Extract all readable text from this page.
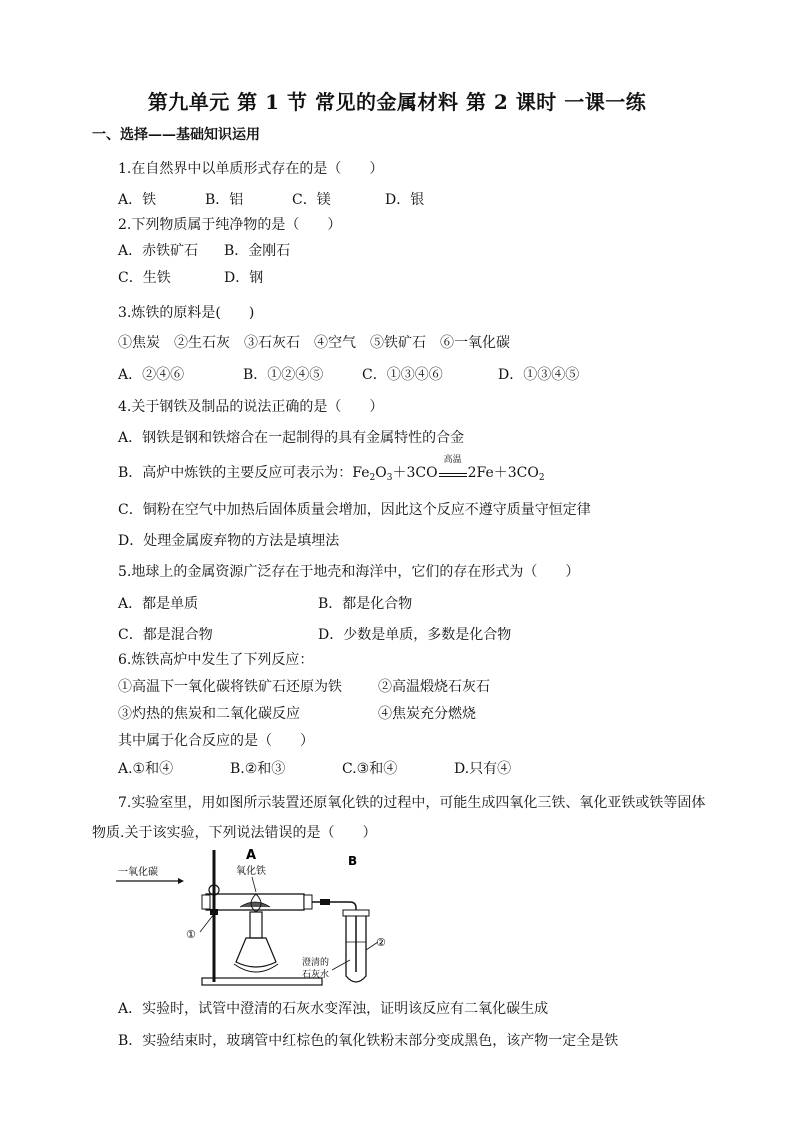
第九单元 第 1 节 常见的金属材料 第 2 课时 一课一练
一、选择——基础知识运用
1.在自然界中以单质形式存在的是（　　）
A．铁	B．铝	C．镁	D．银
2.下列物质属于纯净物的是（　　）
A．赤铁矿石 B．金刚石
C．生铁	D．钢
3.炼铁的原料是(　　)
①焦炭　②生石灰　③石灰石　④空气　⑤铁矿石　⑥一氧化碳
A．②④⑥	B．①②④⑤	C．①③④⑥	D．①③④⑤
4.关于钢铁及制品的说法正确的是（　　）
A．钢铁是钢和铁熔合在一起制得的具有金属特性的合金
B．高炉中炼铁的主要反应可表示为：$Fe_2O_3+3CO$
高温
$2Fe+3CO_2$
C．铜粉在空气中加热后固体质量会增加，因此这个反应不遵守质量守恒定律
D．处理金属废弃物的方法是填埋法
5.地球上的金属资源广泛存在于地壳和海洋中，它们的存在形式为（　　）
A．都是单质	B．都是化合物
C．都是混合物	D．少数是单质，多数是化合物
6.炼铁高炉中发生了下列反应：
①高温下一氧化碳将铁矿石还原为铁	②高温煅烧石灰石
③灼热的焦炭和二氧化碳反应	④焦炭充分燃烧
其中属于化合反应的是（　　）
A.①和④	B.②和③	C.③和④	D.只有④
7.实验室里，用如图所示装置还原氧化铁的过程中，可能生成四氧化三铁、氧化亚铁或铁等固体
物质.关于该实验，下列说法错误的是（　　）
A	B
一氧化碳	氧化铁
①
②
澄清的
石灰水
A．实验时，试管中澄清的石灰水变浑浊，证明该反应有二氧化碳生成
B．实验结束时，玻璃管中红棕色的氧化铁粉末部分变成黑色，该产物一定全是铁
